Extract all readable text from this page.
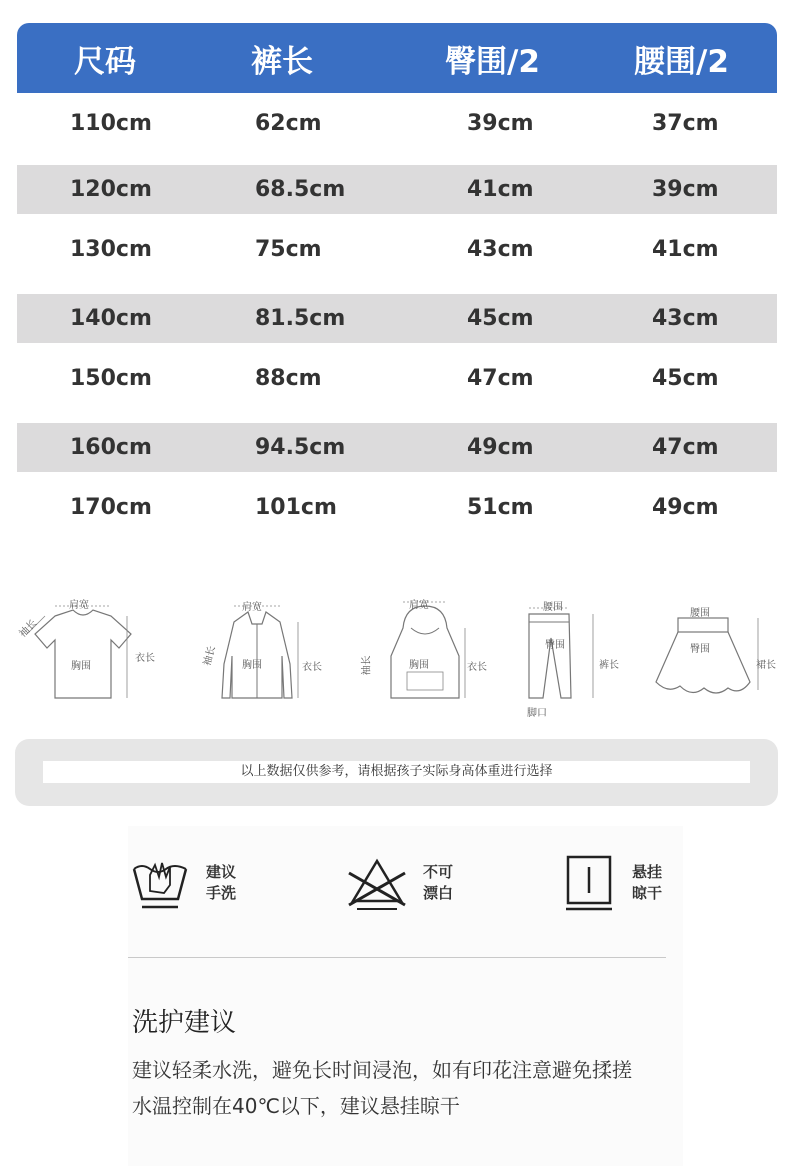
尺码	裤长	臀围/2	腰围/2
110cm	62cm	39cm	37cm
120cm	68.5cm	41cm	39cm
130cm	75cm	43cm	41cm
140cm	81.5cm	45cm	43cm
150cm	88cm	47cm	45cm
160cm	94.5cm	49cm	47cm
170cm	101cm	51cm	49cm
肩宽
袖长
胸围
衣长
肩宽
袖长 胸围	衣长
肩宽
袖长	胸围	衣长
腰围
臀围
裤长
脚口
腰围
臀围
裙长
以上数据仅供参考，请根据孩子实际身高体重进行选择
建议
手洗
不可
漂白
悬挂
晾干
洗护建议
建议轻柔水洗，避免长时间浸泡，如有印花注意避免揉搓
水温控制在40℃以下，建议悬挂晾干
